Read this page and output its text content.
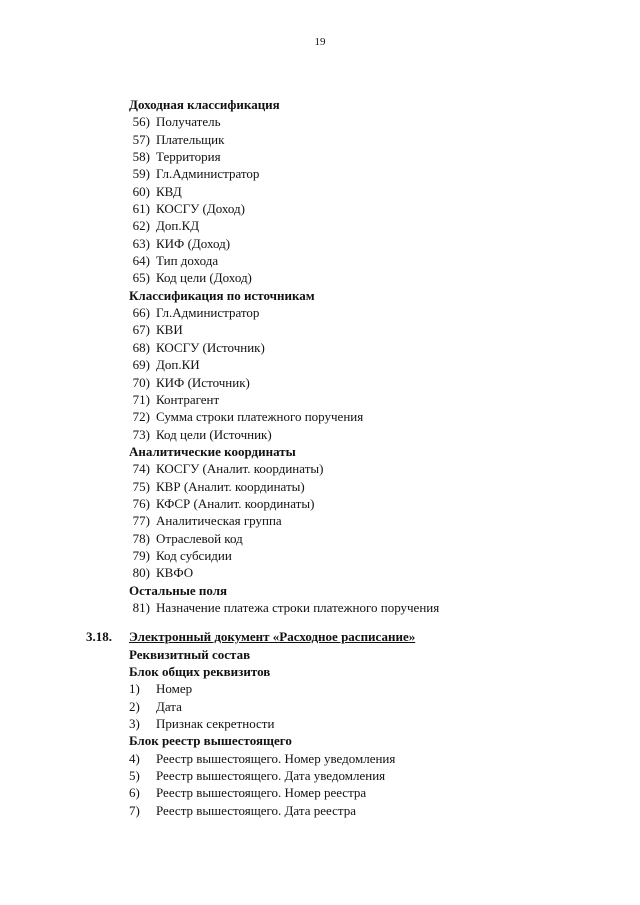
19
Доходная классификация
56) Получатель
57) Плательщик
58) Территория
59) Гл.Администратор
60) КВД
61) КОСГУ (Доход)
62) Доп.КД
63) КИФ (Доход)
64) Тип дохода
65) Код цели (Доход)
Классификация по источникам
66) Гл.Администратор
67) КВИ
68) КОСГУ (Источник)
69) Доп.КИ
70) КИФ (Источник)
71) Контрагент
72) Сумма строки платежного поручения
73) Код цели (Источник)
Аналитические координаты
74) КОСГУ (Аналит. координаты)
75) КВР (Аналит. координаты)
76) КФСР (Аналит. координаты)
77) Аналитическая группа
78) Отраслевой код
79) Код субсидии
80) КВФО
Остальные поля
81) Назначение платежа строки платежного поручения
3.18.	Электронный документ «Расходное расписание»
Реквизитный состав
Блок общих реквизитов
1)	Номер
2)	Дата
3)	Признак секретности
Блок реестр вышестоящего
4)	Реестр вышестоящего. Номер уведомления
5)	Реестр вышестоящего. Дата уведомления
6)	Реестр вышестоящего. Номер реестра
7)	Реестр вышестоящего. Дата реестра
